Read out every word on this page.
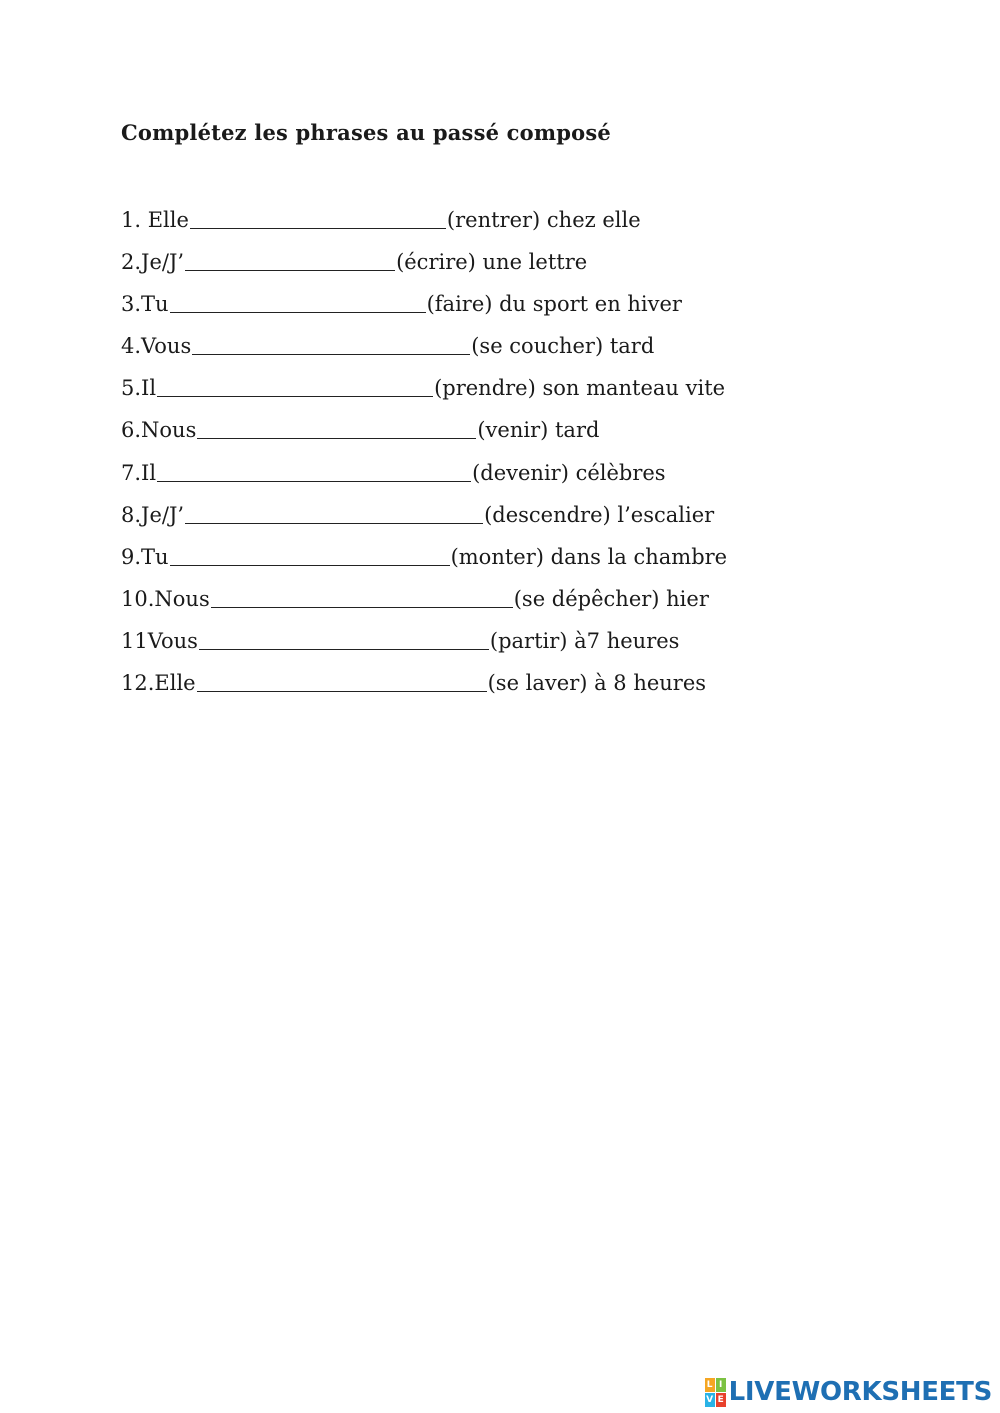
Complétez les phrases au passé composé
1. Elle	(rentrer) chez elle
2.Je/J’	(écrire) une lettre
3.Tu	(faire) du sport en hiver
4.Vous	(se coucher) tard
5.Il	(prendre) son manteau vite
6.Nous	(venir) tard
7.Il	(devenir) célèbres
8.Je/J’	(descendre) l’escalier
9.Tu	(monter) dans la chambre
10.Nous	(se dépêcher) hier
11Vous	(partir) à7 heures
12.Elle	(se laver) à 8 heures
L I
V E LIVEWORKSHEETS
